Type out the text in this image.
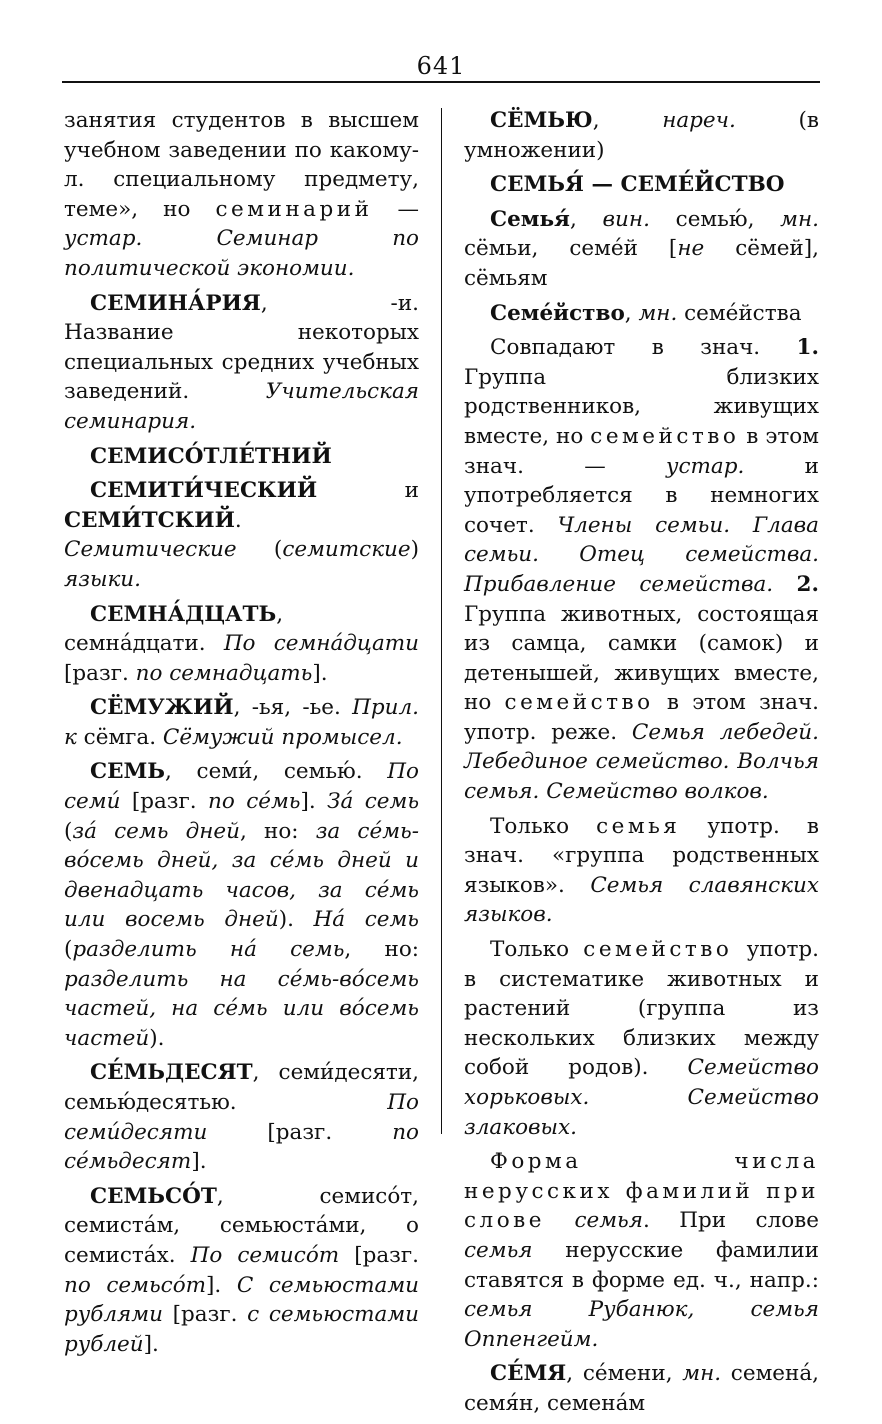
641

занятия студентов в высшем учебном заведении по какому-л. специальному предмету, теме», но семинарий — устар. Семинар по политической экономии.

СЕМИНА́РИЯ, -и. Название некоторых специальных средних учебных заведений. Учительская семинария.

СЕМИСО́ТЛЕ́ТНИЙ

СЕМИТИ́ЧЕСКИЙ и СЕМИ́ТСКИЙ. Семитические (семитские) языки.

СЕМНА́ДЦАТЬ, семна́дцати. По семна́дцати [разг. по семнадцать].

СЁМУЖИЙ, -ья, -ье. Прил. к сёмга. Сёмужий промысел.

СЕМЬ, семи́, семью́. По семи́ [разг. по се́мь]. За́ семь (за́ семь дней, но: за се́мь-во́семь дней, за се́мь дней и двенадцать часов, за се́мь или восемь дней). На́ семь (разделить на́ семь, но: разделить на се́мь-во́семь частей, на се́мь или во́семь частей).

СЕ́МЬДЕСЯТ, семи́десяти, семью́десятью. По семи́десяти [разг. по се́мьдесят].

СЕМЬСО́Т, семисо́т, семиста́м, семьюста́ми, о семиста́х. По семисо́т [разг. по семьсо́т]. С семьюстами рублями [разг. с семьюстами рублей].

СЁМЬЮ, нареч. (в умножении)

СЕМЬЯ́ — СЕМЕ́ЙСТВО

Семья́, вин. семью́, мн. сёмьи, семе́й [не сёмей], сёмьям

Семе́йство, мн. семе́йства

Совпадают в знач. 1. Группа близких родственников, живущих вместе, но семейство в этом знач. — устар. и употребляется в немногих сочет. Члены семьи. Глава семьи. Отец семейства. Прибавление семейства. 2. Группа животных, состоящая из самца, самки (самок) и детенышей, живущих вместе, но семейство в этом знач. употр. реже. Семья лебедей. Лебединое семейство. Волчья семья. Семейство волков.

Только семья употр. в знач. «группа родственных языков». Семья славянских языков.

Только семейство употр. в систематике животных и растений (группа из нескольких близких между собой родов). Семейство хорьковых. Семейство злаковых.

Форма числа нерусских фамилий при слове семья. При слове семья нерусские фамилии ставятся в форме ед. ч., напр.: семья Рубанюк, семья Оппенгейм.

СЕ́МЯ, се́мени, мн. семена́, семя́н, семена́м
